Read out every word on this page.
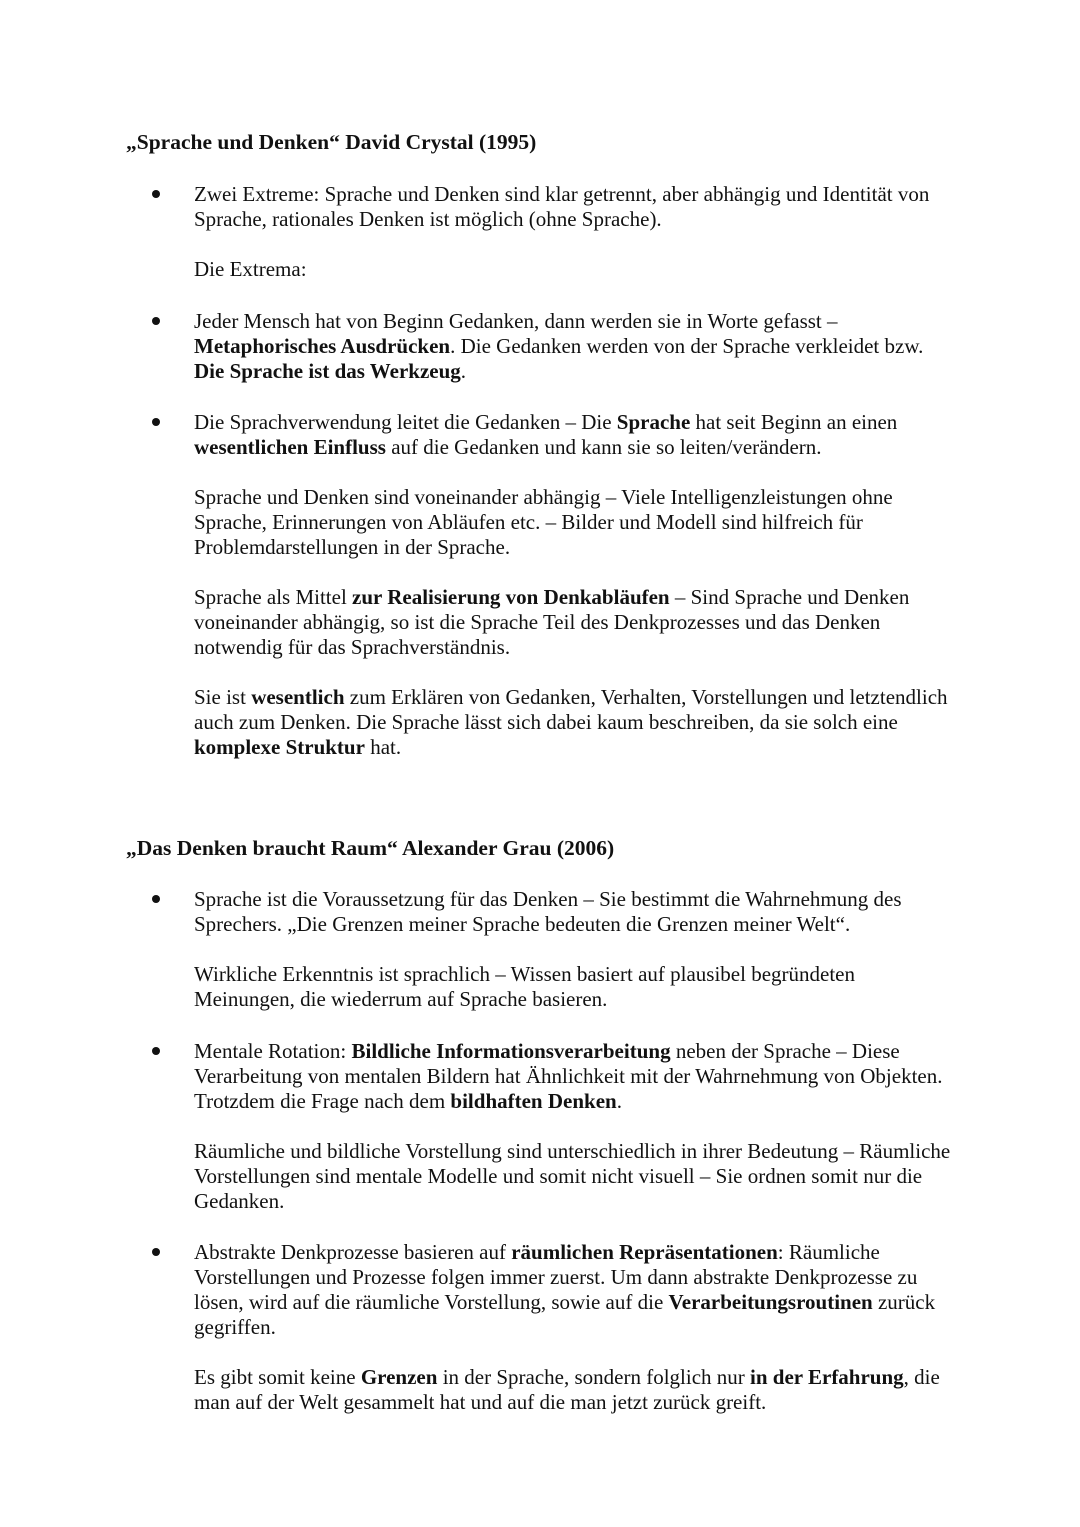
„Sprache und Denken“ David Crystal (1995)

Zwei Extreme: Sprache und Denken sind klar getrennt, aber abhängig und Identität von Sprache, rationales Denken ist möglich (ohne Sprache).

Die Extrema:

Jeder Mensch hat von Beginn Gedanken, dann werden sie in Worte gefasst – Metaphorisches Ausdrücken. Die Gedanken werden von der Sprache verkleidet bzw. Die Sprache ist das Werkzeug.

Die Sprachverwendung leitet die Gedanken – Die Sprache hat seit Beginn an einen wesentlichen Einfluss auf die Gedanken und kann sie so leiten/verändern.

Sprache und Denken sind voneinander abhängig – Viele Intelligenzleistungen ohne Sprache, Erinnerungen von Abläufen etc. – Bilder und Modell sind hilfreich für Problemdarstellungen in der Sprache.

Sprache als Mittel zur Realisierung von Denkabläufen – Sind Sprache und Denken voneinander abhängig, so ist die Sprache Teil des Denkprozesses und das Denken notwendig für das Sprachverständnis.

Sie ist wesentlich zum Erklären von Gedanken, Verhalten, Vorstellungen und letztendlich auch zum Denken. Die Sprache lässt sich dabei kaum beschreiben, da sie solch eine komplexe Struktur hat.

„Das Denken braucht Raum“ Alexander Grau (2006)

Sprache ist die Voraussetzung für das Denken – Sie bestimmt die Wahrnehmung des Sprechers. „Die Grenzen meiner Sprache bedeuten die Grenzen meiner Welt“.

Wirkliche Erkenntnis ist sprachlich – Wissen basiert auf plausibel begründeten Meinungen, die wiederrum auf Sprache basieren.

Mentale Rotation: Bildliche Informationsverarbeitung neben der Sprache – Diese Verarbeitung von mentalen Bildern hat Ähnlichkeit mit der Wahrnehmung von Objekten. Trotzdem die Frage nach dem bildhaften Denken.

Räumliche und bildliche Vorstellung sind unterschiedlich in ihrer Bedeutung – Räumliche Vorstellungen sind mentale Modelle und somit nicht visuell – Sie ordnen somit nur die Gedanken.

Abstrakte Denkprozesse basieren auf räumlichen Repräsentationen: Räumliche Vorstellungen und Prozesse folgen immer zuerst. Um dann abstrakte Denkprozesse zu lösen, wird auf die räumliche Vorstellung, sowie auf die Verarbeitungsroutinen zurück gegriffen.

Es gibt somit keine Grenzen in der Sprache, sondern folglich nur in der Erfahrung, die man auf der Welt gesammelt hat und auf die man jetzt zurück greift.
